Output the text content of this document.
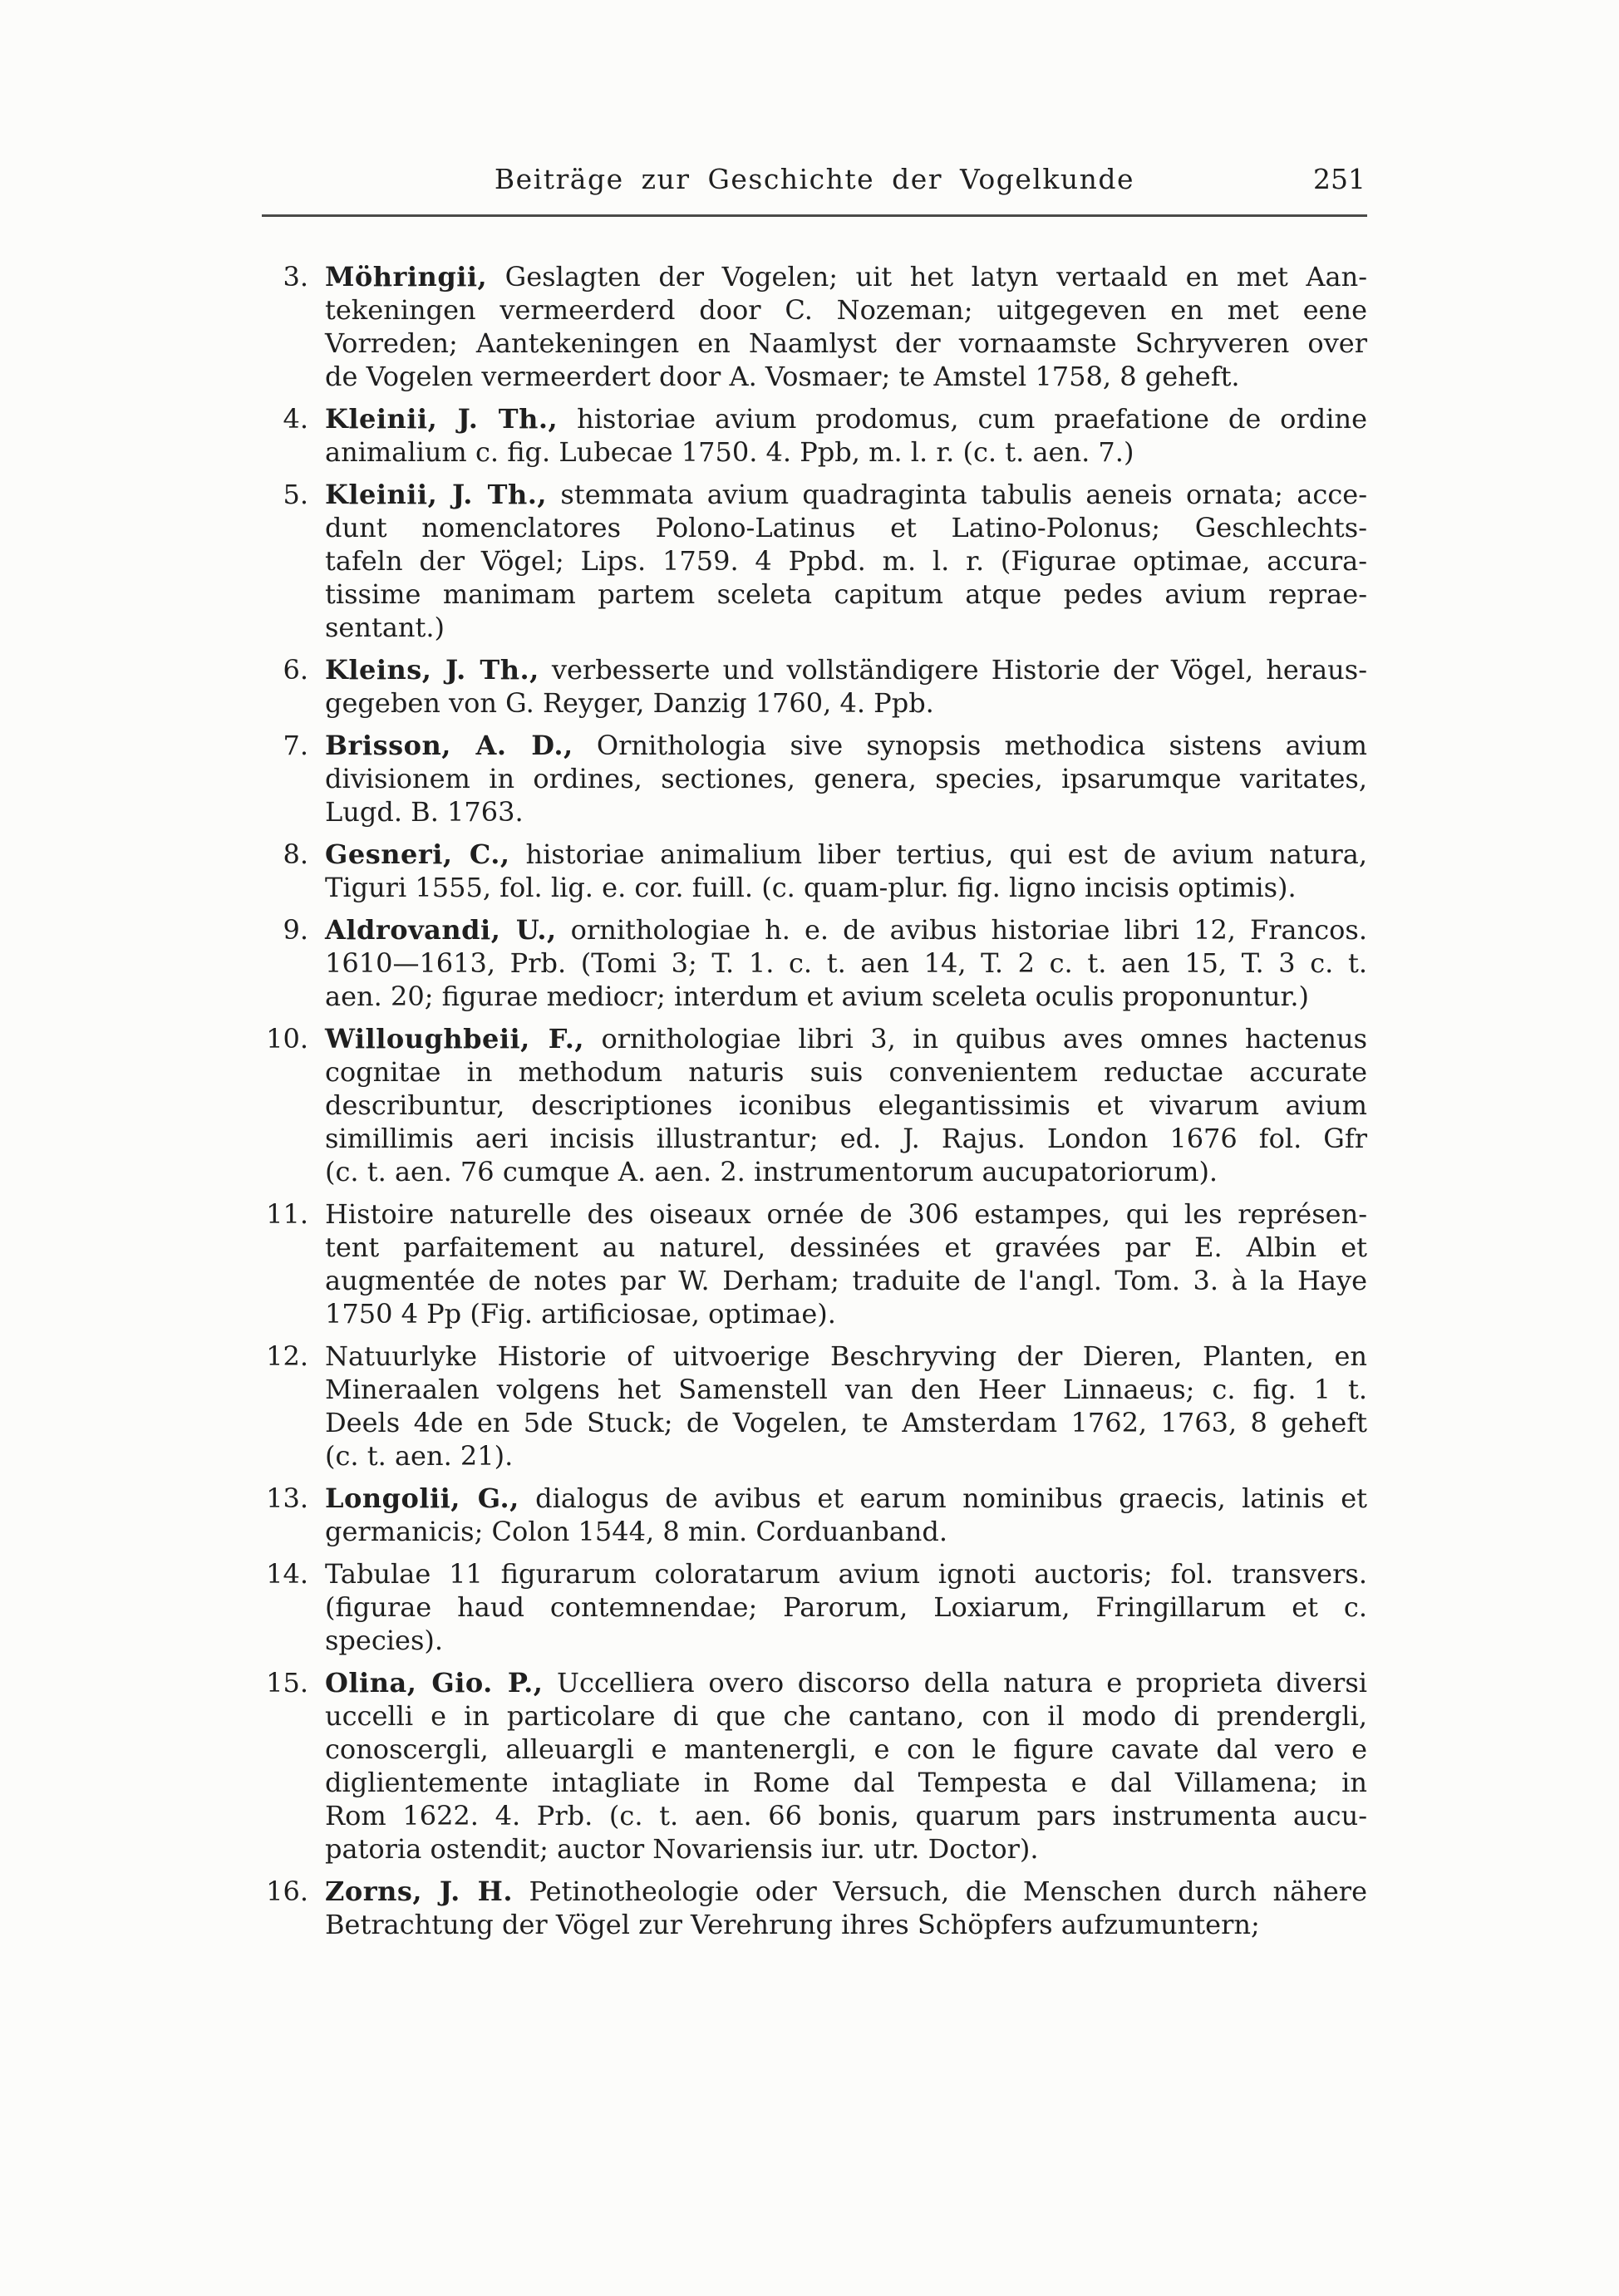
Beiträge zur Geschichte der Vogelkunde	251
3. Möhringii, Geslagten der Vogelen; uit het latyn vertaald en met Aan-
tekeningen vermeerderd door C. Nozeman; uitgegeven en met eene
Vorreden; Aantekeningen en Naamlyst der vornaamste Schryveren over
de Vogelen vermeerdert door A. Vosmaer; te Amstel 1758, 8 geheft.
4. Kleinii, J. Th., historiae avium prodomus, cum praefatione de ordine
animalium c. fig. Lubecae 1750. 4. Ppb, m. l. r. (c. t. aen. 7.)
5. Kleinii, J. Th., stemmata avium quadraginta tabulis aeneis ornata; acce-
dunt nomenclatores Polono-Latinus et Latino-Polonus; Geschlechts-
tafeln der Vögel; Lips. 1759. 4 Ppbd. m. l. r. (Figurae optimae, accura-
tissime manimam partem sceleta capitum atque pedes avium reprae-
sentant.)
6. Kleins, J. Th., verbesserte und vollständigere Historie der Vögel, heraus-
gegeben von G. Reyger, Danzig 1760, 4. Ppb.
7. Brisson, A. D., Ornithologia sive synopsis methodica sistens avium
divisionem in ordines, sectiones, genera, species, ipsarumque varitates,
Lugd. B. 1763.
8. Gesneri, C., historiae animalium liber tertius, qui est de avium natura,
Tiguri 1555, fol. lig. e. cor. fuill. (c. quam-plur. fig. ligno incisis optimis).
9. Aldrovandi, U., ornithologiae h. e. de avibus historiae libri 12, Francos.
1610—1613, Prb. (Tomi 3; T. 1. c. t. aen 14, T. 2 c. t. aen 15, T. 3 c. t.
aen. 20; figurae mediocr; interdum et avium sceleta oculis proponuntur.)
10. Willoughbeii, F., ornithologiae libri 3, in quibus aves omnes hactenus
cognitae in methodum naturis suis convenientem reductae accurate
describuntur, descriptiones iconibus elegantissimis et vivarum avium
simillimis aeri incisis illustrantur; ed. J. Rajus. London 1676 fol. Gfr
(c. t. aen. 76 cumque A. aen. 2. instrumentorum aucupatoriorum).
11. Histoire naturelle des oiseaux ornée de 306 estampes, qui les représen-
tent parfaitement au naturel, dessinées et gravées par E. Albin et
augmentée de notes par W. Derham; traduite de l'angl. Tom. 3. à la Haye
1750 4 Pp (Fig. artificiosae, optimae).
12. Natuurlyke Historie of uitvoerige Beschryving der Dieren, Planten, en
Mineraalen volgens het Samenstell van den Heer Linnaeus; c. fig. 1 t.
Deels 4de en 5de Stuck; de Vogelen, te Amsterdam 1762, 1763, 8 geheft
(c. t. aen. 21).
13. Longolii, G., dialogus de avibus et earum nominibus graecis, latinis et
germanicis; Colon 1544, 8 min. Corduanband.
14. Tabulae 11 figurarum coloratarum avium ignoti auctoris; fol. transvers.
(figurae haud contemnendae; Parorum, Loxiarum, Fringillarum et c.
species).
15. Olina, Gio. P., Uccelliera overo discorso della natura e proprieta diversi
uccelli e in particolare di que che cantano, con il modo di prendergli,
conoscergli, alleuargli e mantenergli, e con le figure cavate dal vero e
diglientemente intagliate in Rome dal Tempesta e dal Villamena; in
Rom 1622. 4. Prb. (c. t. aen. 66 bonis, quarum pars instrumenta aucu-
patoria ostendit; auctor Novariensis iur. utr. Doctor).
16. Zorns, J. H. Petinotheologie oder Versuch, die Menschen durch nähere
Betrachtung der Vögel zur Verehrung ihres Schöpfers aufzumuntern;
